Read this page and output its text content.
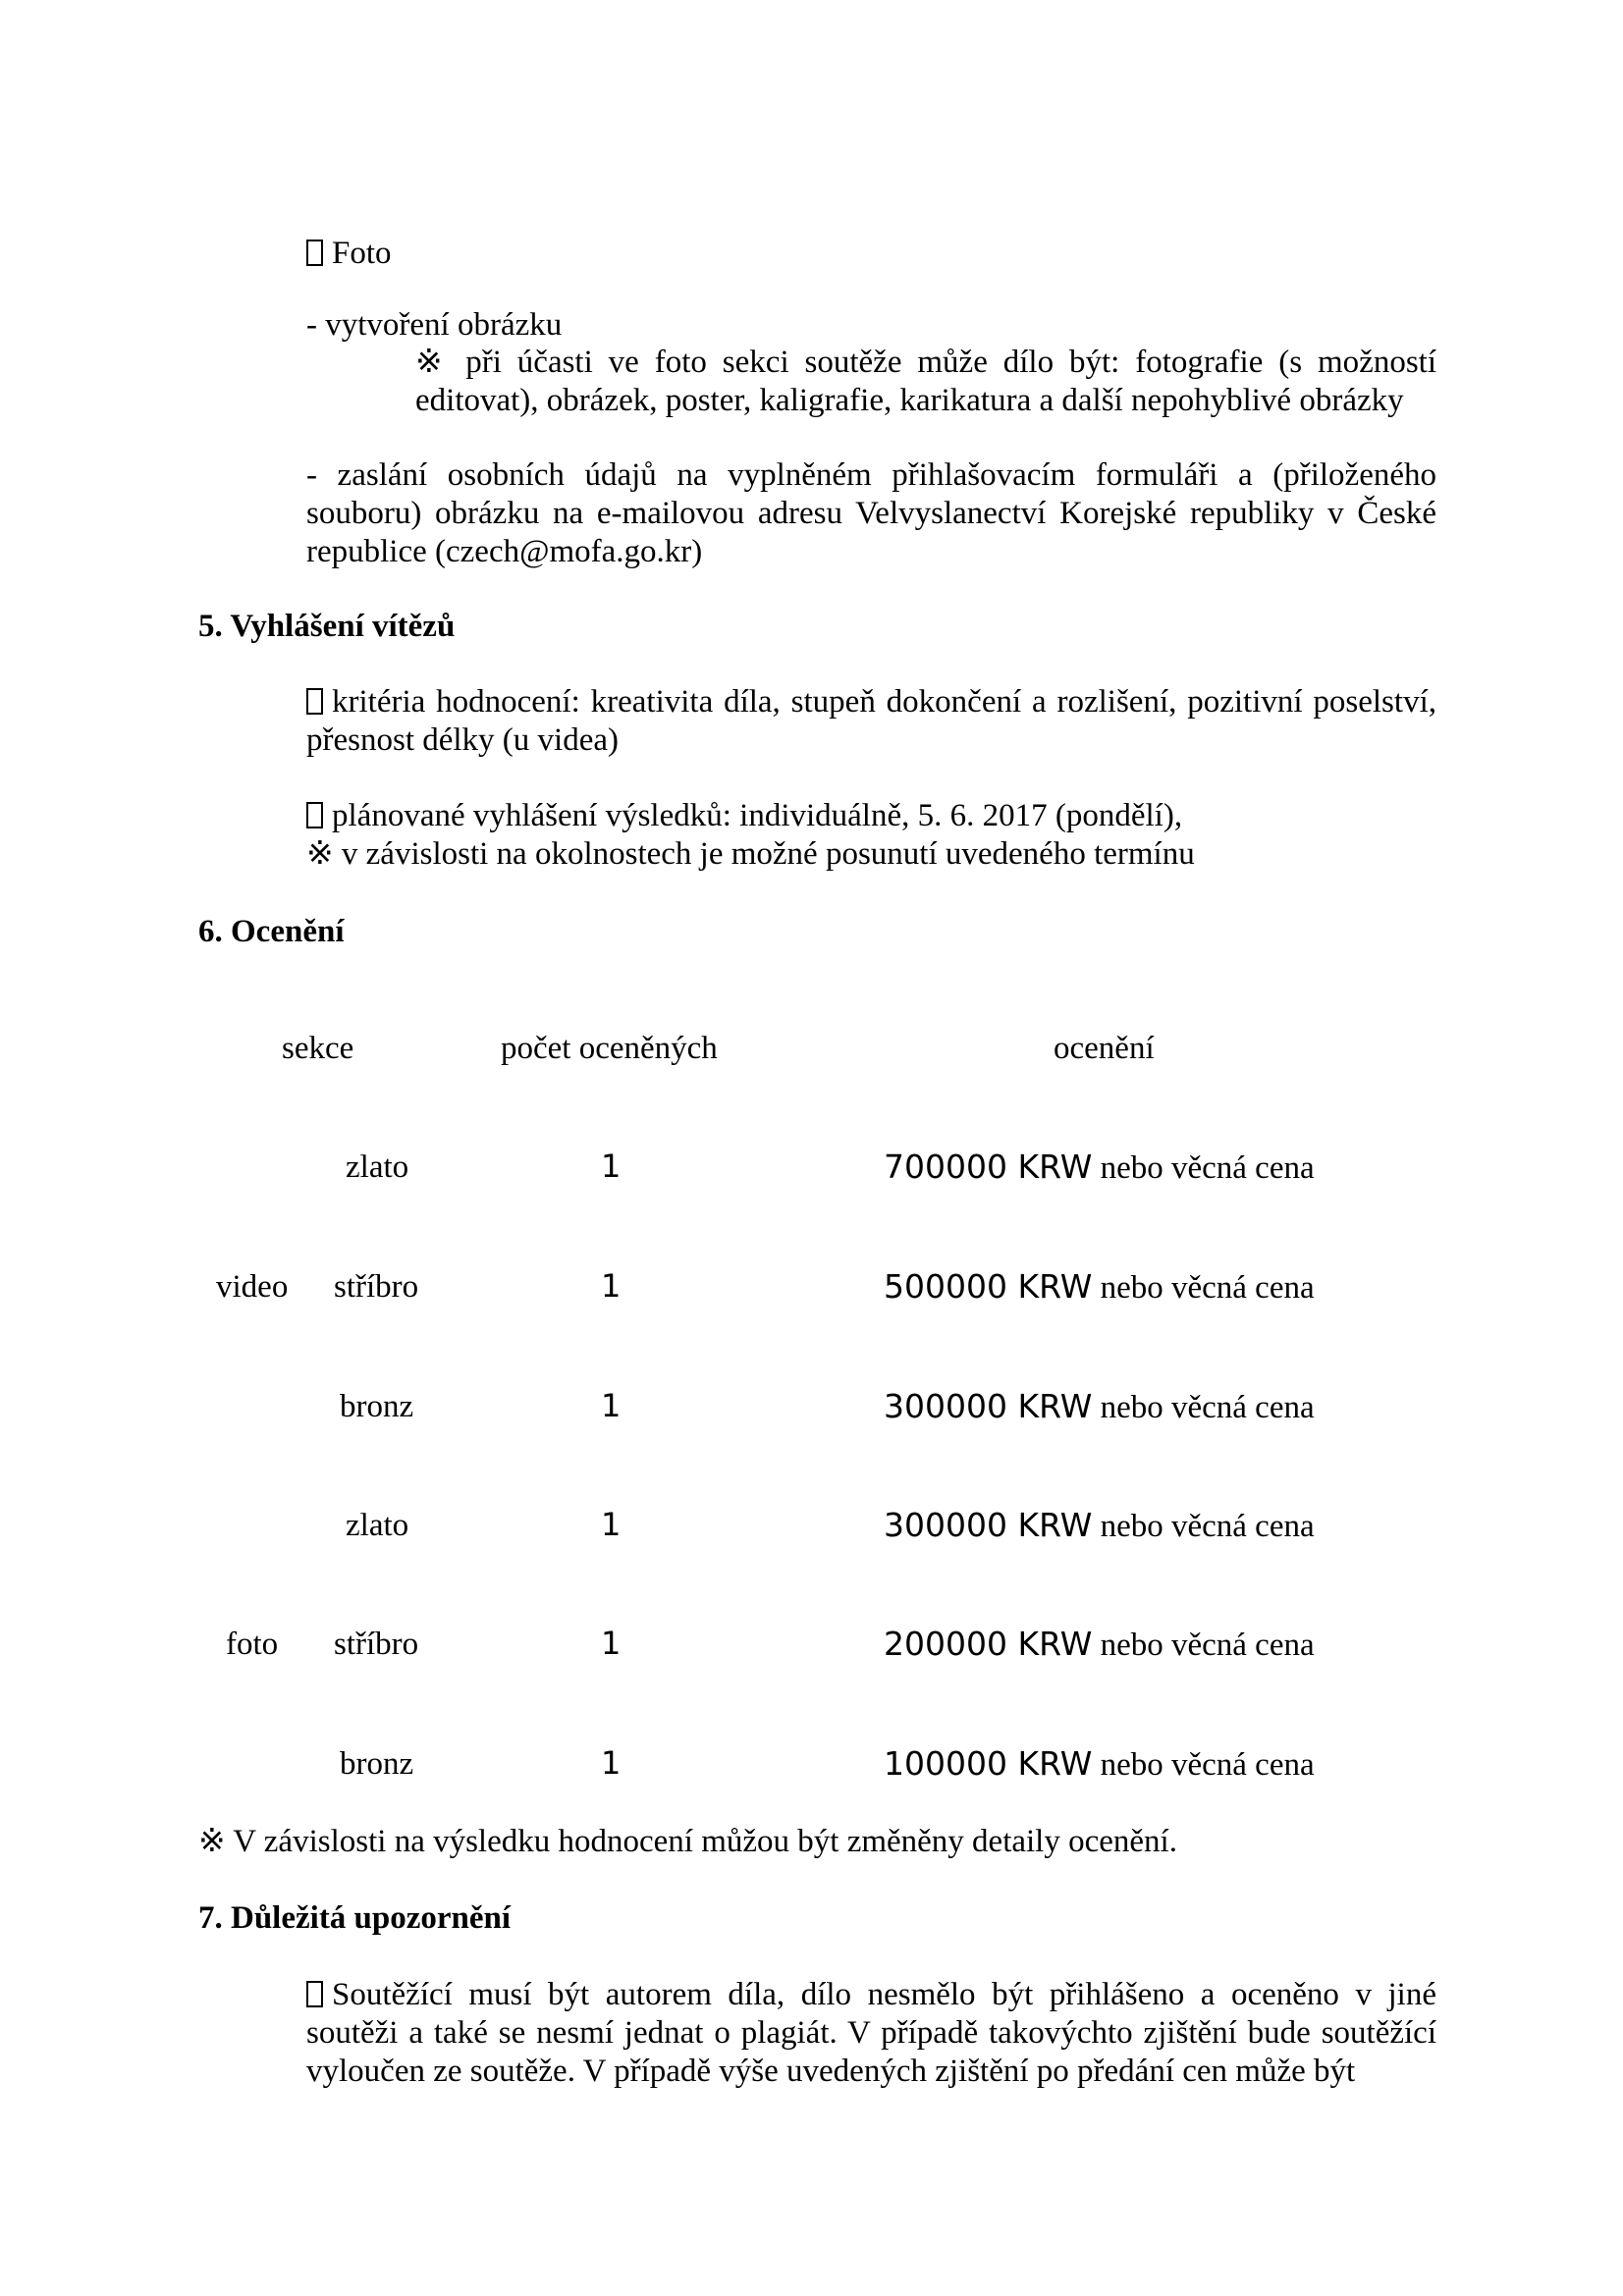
Foto
- vytvoření obrázku
※ při účasti ve foto sekci soutěže může dílo být: fotografie (s možností editovat), obrázek, poster, kaligrafie, karikatura a další nepohyblivé obrázky
- zaslání osobních údajů na vyplněném přihlašovacím formuláři a (přiloženého souboru) obrázku na e-mailovou adresu Velvyslanectví Korejské republiky v České republice (czech@mofa.go.kr)
5. Vyhlášení vítězů
kritéria hodnocení: kreativita díla, stupeň dokončení a rozlišení, pozitivní poselství, přesnost délky (u videa)
plánované vyhlášení výsledků: individuálně, 5. 6. 2017 (pondělí),
※ v závislosti na okolnostech je možné posunutí uvedeného termínu
6. Ocenění
sekce	počet oceněných	ocenění
video
zlato	1	700000 KRW nebo věcná cena
stříbro	1	500000 KRW nebo věcná cena
bronz	1	300000 KRW nebo věcná cena
foto
zlato	1	300000 KRW nebo věcná cena
stříbro	1	200000 KRW nebo věcná cena
bronz	1	100000 KRW nebo věcná cena
※ V závislosti na výsledku hodnocení můžou být změněny detaily ocenění.
7. Důležitá upozornění
Soutěžící musí být autorem díla, dílo nesmělo být přihlášeno a oceněno v jiné soutěži a také se nesmí jednat o plagiát. V případě takovýchto zjištění bude soutěžící vyloučen ze soutěže. V případě výše uvedených zjištění po předání cen může být
